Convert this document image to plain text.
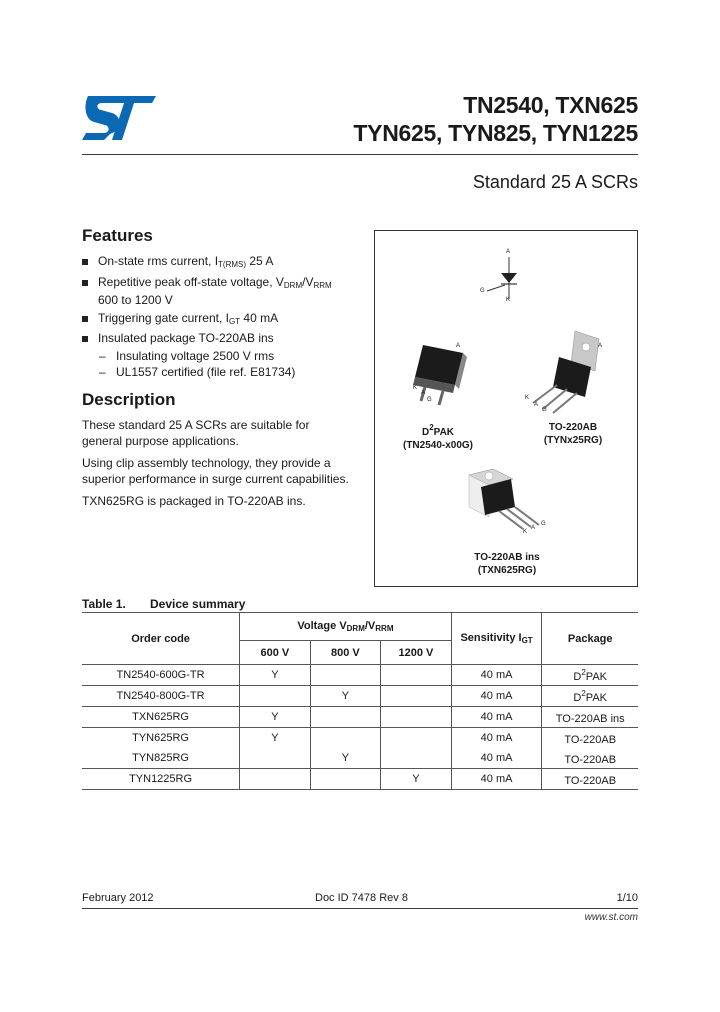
TN2540, TXN625
TYN625, TYN825, TYN1225
Standard 25 A SCRs
Features
On-state rms current, $I_{T(RMS)}$ 25 A
Repetitive peak off-state voltage, $V_{DRM}/V_{RRM}$
600 to 1200 V
Triggering gate current, $I_{GT}$ 40 mA
Insulated package TO-220AB ins
– Insulating voltage 2500 V rms
– UL1557 certified (file ref. E81734)
Description

These standard 25 A SCRs are suitable for general purpose applications.

Using clip assembly technology, they provide a superior performance in surge current capabilities.

TXN625RG is packaged in TO-220AB ins.

A
G
K
A
K
A
G
$D^2PAK$
(TN2540-x00G)
A
K
A
G
TO-220AB
(TYNx25RG)
K
A
G
TO-220AB ins
(TXN625RG)
Table 1. Device summary
Order code	Voltage $V_{DRM}/V_{RRM}$			Sensitivity $I_{GT}$	Package
	600 V	800 V	1200 V		
TN2540-600G-TR	Y			40 mA	$D^2PAK$
TN2540-800G-TR		Y		40 mA	$D^2PAK$
TXN625RG	Y			40 mA	TO-220AB ins
TYN625RG	Y			40 mA	TO-220AB
TYN825RG		Y		40 mA	TO-220AB
TYN1225RG			Y	40 mA	TO-220AB
February 2012	Doc ID 7478 Rev 8	1/10
www.st.com
